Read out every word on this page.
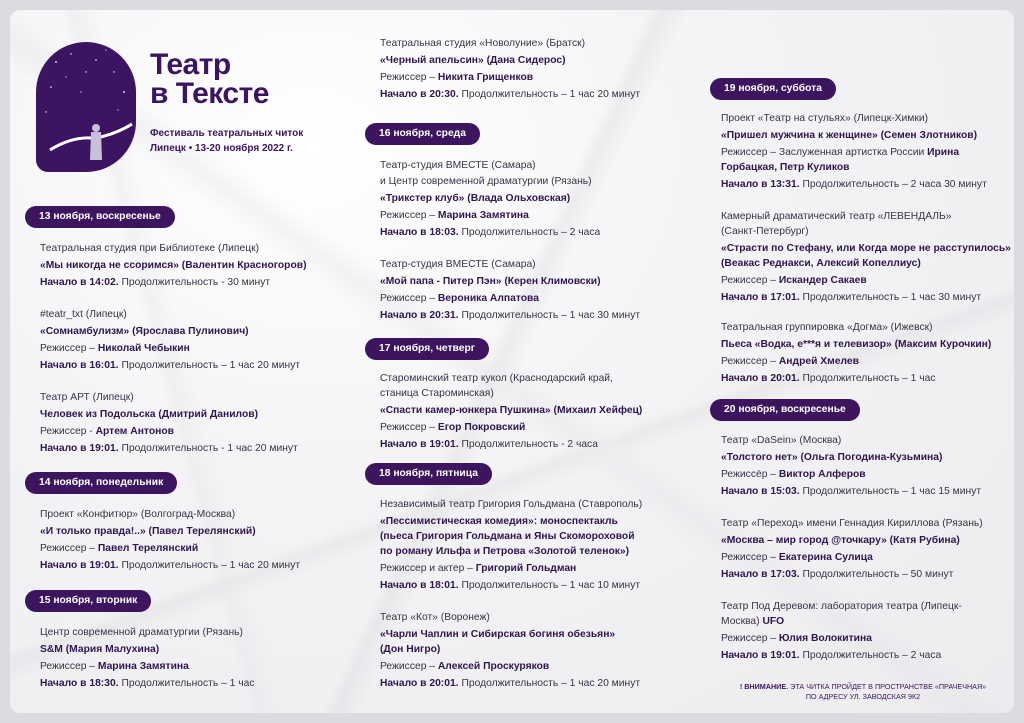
Театр
в Тексте
Фестиваль театральных читок
Липецк • 13-20 ноября 2022 г.
13 ноября, воскресенье
Театральная студия при Библиотеке (Липецк)
«Мы никогда не ссоримся» (Валентин Красногоров)
Начало в 14:02. Продолжительность - 30 минут
#teatr_txt (Липецк)
«Сомнамбулизм» (Ярослава Пулинович)
Режиссер – Николай Чебыкин
Начало в 16:01. Продолжительность – 1 час 20 минут
Театр АРТ (Липецк)
Человек из Подольска (Дмитрий Данилов)
Режиссер - Артем Антонов
Начало в 19:01. Продолжительность - 1 час 20 минут
14 ноября, понедельник
Проект «Конфитюр» (Волгоград-Москва)
«И только правда!..» (Павел Терелянский)
Режиссер – Павел Терелянский
Начало в 19:01. Продолжительность – 1 час 20 минут
15 ноября, вторник
Центр современной драматургии (Рязань)
S&M (Мария Малухина)
Режиссер – Марина Замятина
Начало в 18:30. Продолжительность – 1 час
Театральная студия «Новолуние» (Братск)
«Черный апельсин» (Дана Сидерос)
Режиссер – Никита Грищенков
Начало в 20:30. Продолжительность – 1 час 20 минут
16 ноября, среда
Театр-студия ВМЕСТЕ (Самара)
и Центр современной драматургии (Рязань)
«Трикстер клуб» (Влада Ольховская)
Режиссер – Марина Замятина
Начало в 18:03. Продолжительность – 2 часа
Театр-студия ВМЕСТЕ (Самара)
«Мой папа - Питер Пэн» (Керен Климовски)
Режиссер – Вероника Алпатова
Начало в 20:31. Продолжительность – 1 час 30 минут
17 ноября, четверг
Староминский театр кукол (Краснодарский край,
станица Староминская)
«Спасти камер-юнкера Пушкина» (Михаил Хейфец)
Режиссер – Егор Покровский
Начало в 19:01. Продолжительность - 2 часа
18 ноября, пятница
Независимый театр Григория Гольдмана (Ставрополь)
«Пессимистическая комедия»: моноспектакль
(пьеса Григория Гольдмана и Яны Скомороховой
по роману Ильфа и Петрова «Золотой теленок»)
Режиссер и актер – Григорий Гольдман
Начало в 18:01. Продолжительность – 1 час 10 минут
Театр «Кот» (Воронеж)
«Чарли Чаплин и Сибирская богиня обезьян»
(Дон Нигро)
Режиссер – Алексей Проскуряков
Начало в 20:01. Продолжительность – 1 час 20 минут
19 ноября, суббота
Проект «Театр на стульях» (Липецк-Химки)
«Пришел мужчина к женщине» (Семен Злотников)
Режиссер – Заслуженная артистка России Ирина
Горбацкая, Петр Куликов
Начало в 13:31. Продолжительность – 2 часа 30 минут
Камерный драматический театр «ЛЕВЕНДАЛЬ»
(Санкт-Петербург)
«Страсти по Стефану, или Когда море не расступилось»
(Веакас Реднакси, Алексий Копеллиус)
Режиссер – Искандер Сакаев
Начало в 17:01. Продолжительность – 1 час 30 минут
Театральная группировка «Догма» (Ижевск)
Пьеса «Водка, е***я и телевизор» (Максим Курочкин)
Режиссер – Андрей Хмелев
Начало в 20:01. Продолжительность – 1 час
20 ноября, воскресенье
Театр «DaSein» (Москва)
«Толстого нет» (Ольга Погодина-Кузьмина)
Режиссёр – Виктор Алферов
Начало в 15:03. Продолжительность – 1 час 15 минут
Театр «Переход» имени Геннадия Кириллова (Рязань)
«Москва – мир город @точкару» (Катя Рубина)
Режиссер – Екатерина Сулица
Начало в 17:03. Продолжительность – 50 минут
Театр Под Деревом: лаборатория театра (Липецк-
Москва) UFO
Режиссер – Юлия Волокитина
Начало в 19:01. Продолжительность – 2 часа
! ВНИМАНИЕ. ЭТА ЧИТКА ПРОЙДЕТ В ПРОСТРАНСТВЕ «ПРАЧЕЧНАЯ»
ПО АДРЕСУ УЛ. ЗАВОДСКАЯ 9К2
